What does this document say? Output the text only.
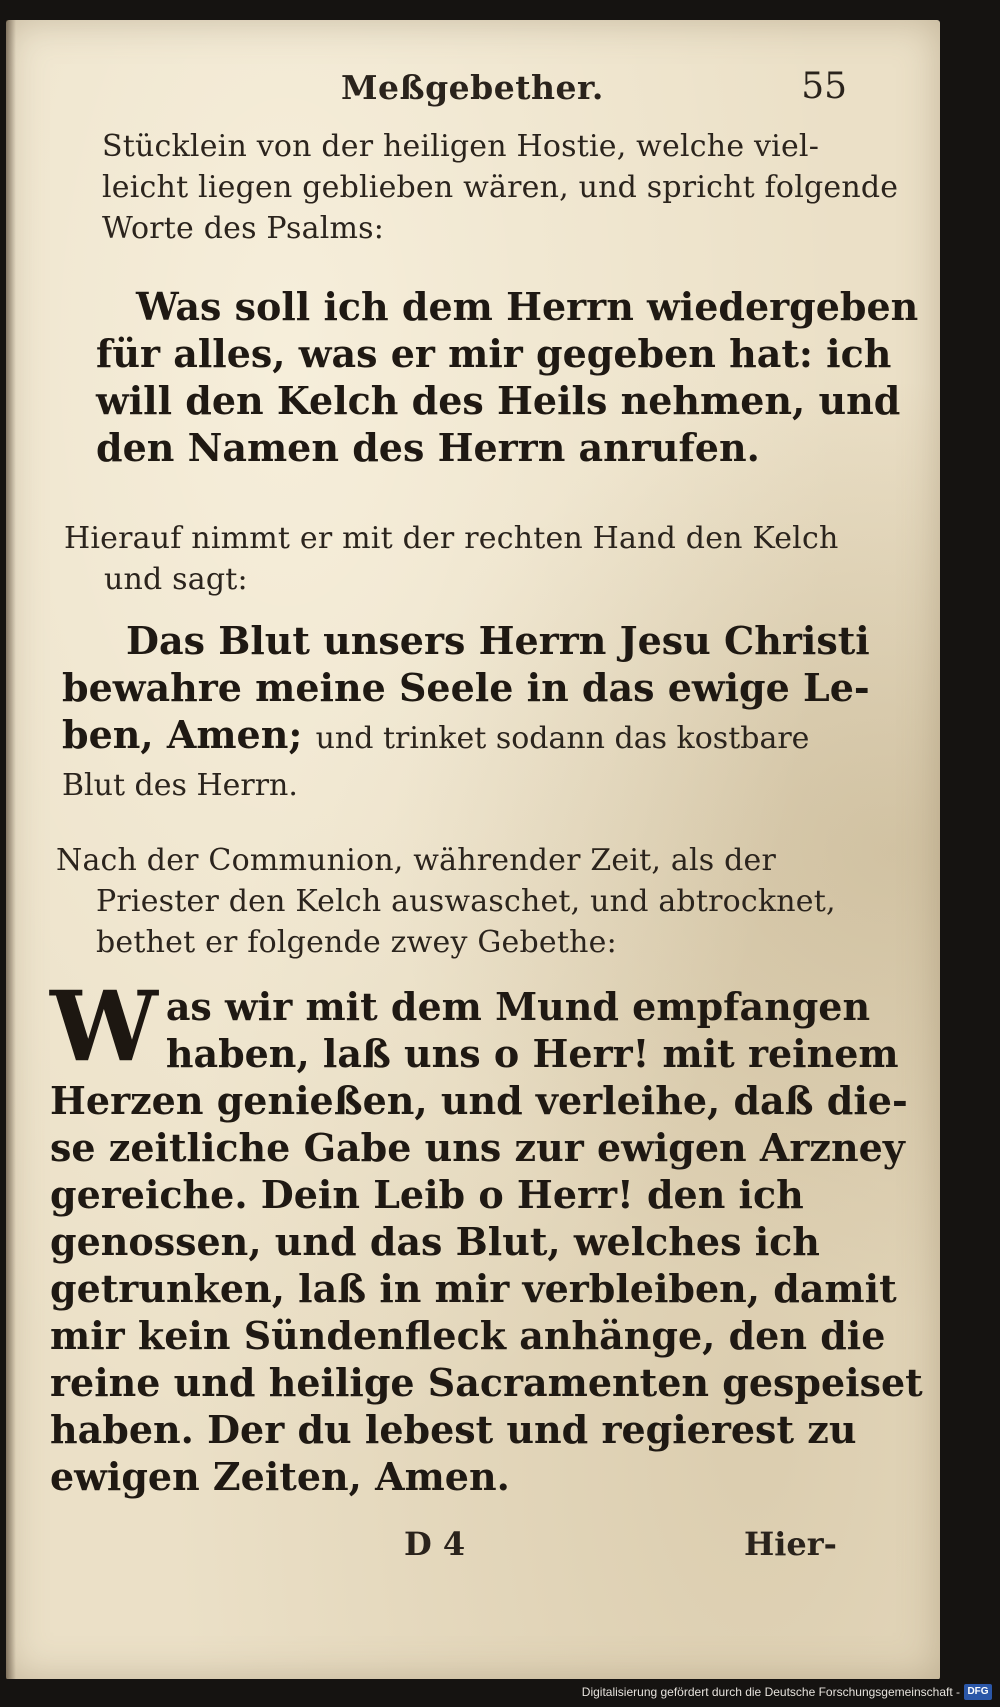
Meßgebether.	55

Stücklein von der heiligen Hostie, welche viel-
leicht liegen geblieben wären, und spricht folgende
Worte des Psalms:

Was soll ich dem Herrn wiedergeben
für alles, was er mir gegeben hat: ich
will den Kelch des Heils nehmen, und
den Namen des Herrn anrufen.

Hierauf nimmt er mit der rechten Hand den Kelch
und sagt:

Das Blut unsers Herrn Jesu Christi
bewahre meine Seele in das ewige Le-
ben, Amen; und trinket sodann das kostbare
Blut des Herrn.

Nach der Communion, währender Zeit, als der
Priester den Kelch auswaschet, und abtrocknet,
bethet er folgende zwey Gebethe:

W as wir mit dem Mund empfangen
haben, laß uns o Herr! mit reinem
Herzen genießen, und verleihe, daß die-
se zeitliche Gabe uns zur ewigen Arzney
gereiche. Dein Leib o Herr! den ich
genossen, und das Blut, welches ich
getrunken, laß in mir verbleiben, damit
mir kein Sündenfleck anhänge, den die
reine und heilige Sacramenten gespeiset
haben. Der du lebest und regierest zu
ewigen Zeiten, Amen.
D 4	Hier-
Digitalisierung gefördert durch die Deutsche Forschungsgemeinschaft - DFG
